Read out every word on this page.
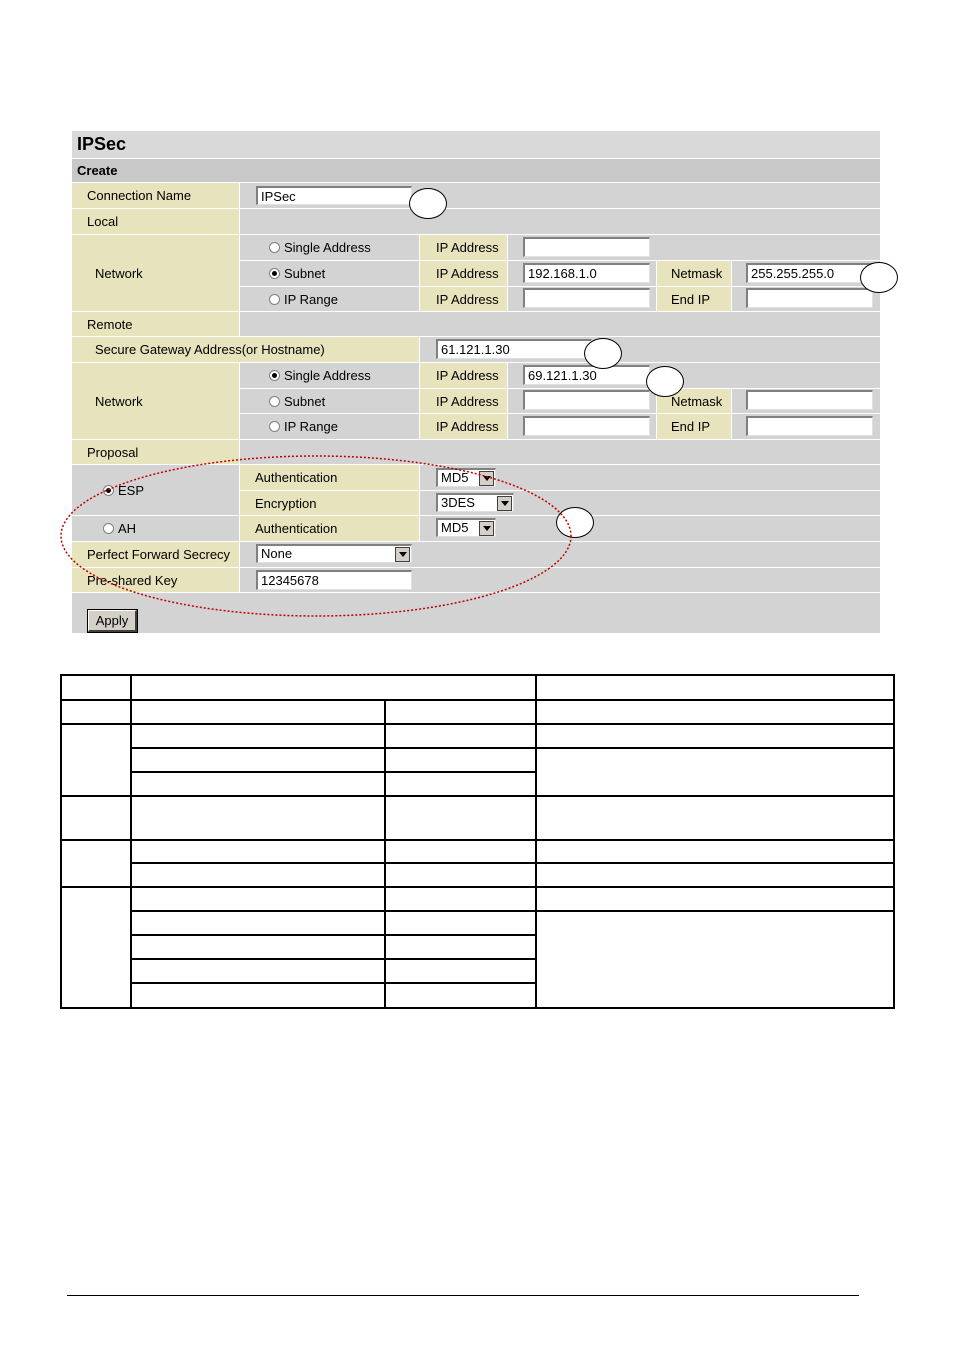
IPSec
Create
Connection Name	IPSec
Local
Network
Single Address	IP Address
Subnet	IP Address	192.168.1.0	Netmask	255.255.255.0
IP Range	IP Address	End IP
Remote
Secure Gateway Address(or Hostname)	61.121.1.30
Network
Single Address	IP Address	69.121.1.30
Subnet	IP Address	Netmask
IP Range	IP Address	End IP
Proposal
ESP
Authentication	MD5
Encryption	3DES
AH	Authentication	MD5
Perfect Forward Secrecy	None
Pre-shared Key	12345678
Apply
